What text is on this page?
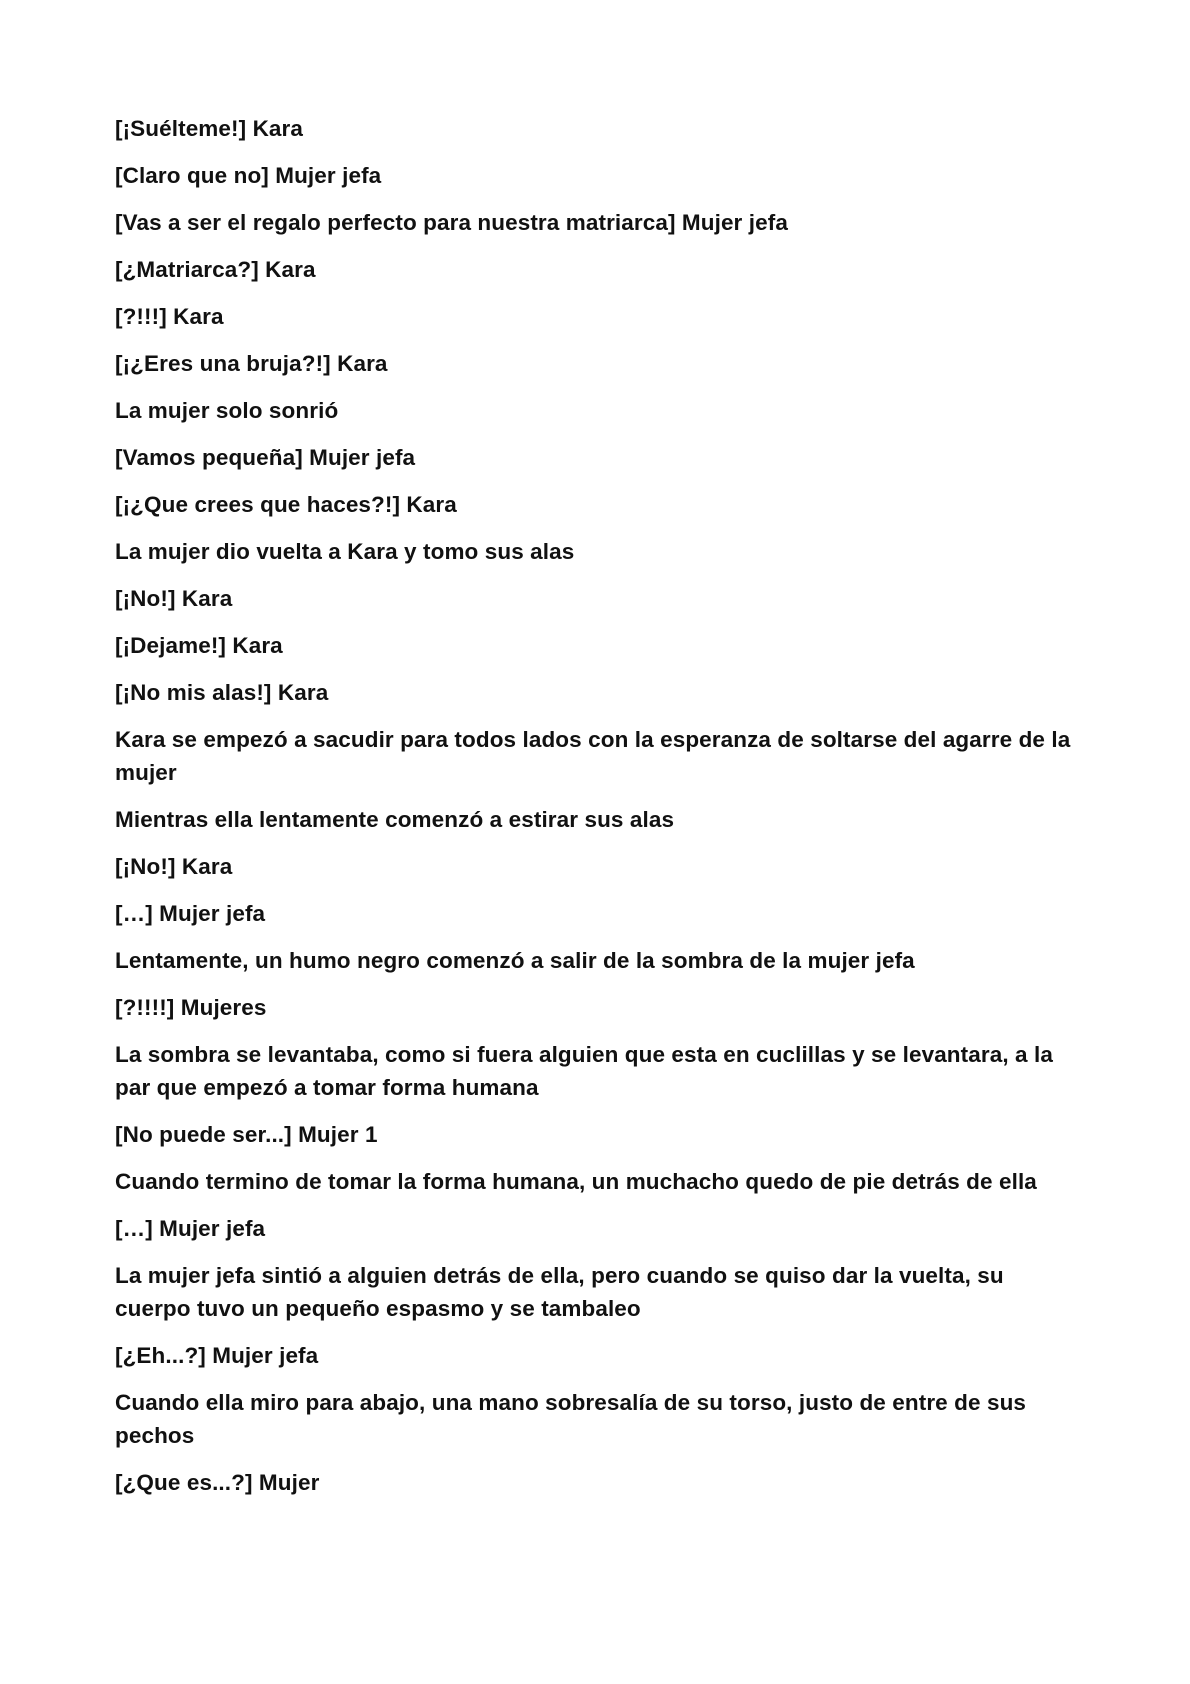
[¡Suélteme!] Kara

[Claro que no] Mujer jefa

[Vas a ser el regalo perfecto para nuestra matriarca] Mujer jefa

[¿Matriarca?] Kara

[?!!!] Kara

[¡¿Eres una bruja?!] Kara

La mujer solo sonrió

[Vamos pequeña] Mujer jefa

[¡¿Que crees que haces?!] Kara

La mujer dio vuelta a Kara y tomo sus alas

[¡No!] Kara

[¡Dejame!] Kara

[¡No mis alas!] Kara

Kara se empezó a sacudir para todos lados con la esperanza de soltarse del agarre de la mujer

Mientras ella lentamente comenzó a estirar sus alas

[¡No!] Kara

[…] Mujer jefa

Lentamente, un humo negro comenzó a salir de la sombra de la mujer jefa

[?!!!!] Mujeres

La sombra se levantaba, como si fuera alguien que esta en cuclillas y se levantara, a la par que empezó a tomar forma humana

[No puede ser...] Mujer 1

Cuando termino de tomar la forma humana, un muchacho quedo de pie detrás de ella

[…] Mujer jefa

La mujer jefa sintió a alguien detrás de ella, pero cuando se quiso dar la vuelta, su cuerpo tuvo un pequeño espasmo y se tambaleo

[¿Eh...?] Mujer jefa

Cuando ella miro para abajo, una mano sobresalía de su torso, justo de entre de sus pechos

[¿Que es...?] Mujer
